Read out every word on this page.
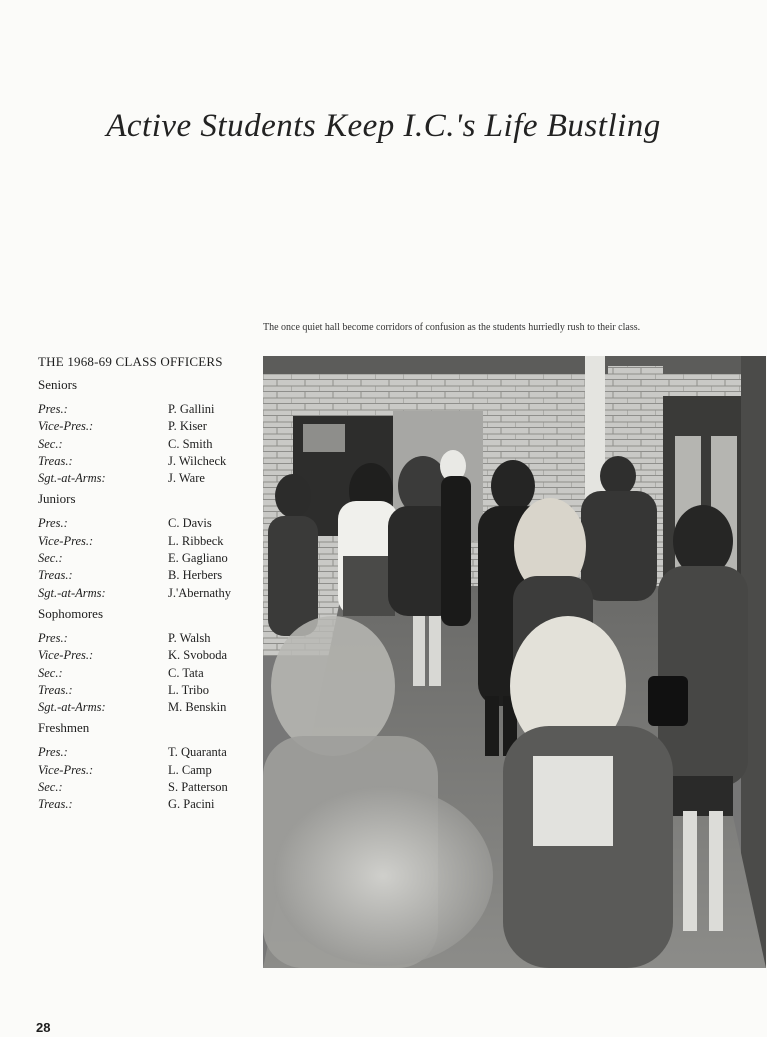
Active Students Keep I.C.'s Life Bustling
The once quiet hall become corridors of confusion as the students hurriedly rush to their class.
THE 1968-69 CLASS OFFICERS
Seniors
Pres.:	P. Gallini
Vice-Pres.:	P. Kiser
Sec.:	C. Smith
Treas.:	J. Wilcheck
Sgt.-at-Arms:	J. Ware
Juniors
Pres.:	C. Davis
Vice-Pres.:	L. Ribbeck
Sec.:	E. Gagliano
Treas.:	B. Herbers
Sgt.-at-Arms:	J.'Abernathy
Sophomores
Pres.:	P. Walsh
Vice-Pres.:	K. Svoboda
Sec.:	C. Tata
Treas.:	L. Tribo
Sgt.-at-Arms:	M. Benskin
Freshmen
Pres.:	T. Quaranta
Vice-Pres.:	L. Camp
Sec.:	S. Patterson
Treas.:	G. Pacini
28
